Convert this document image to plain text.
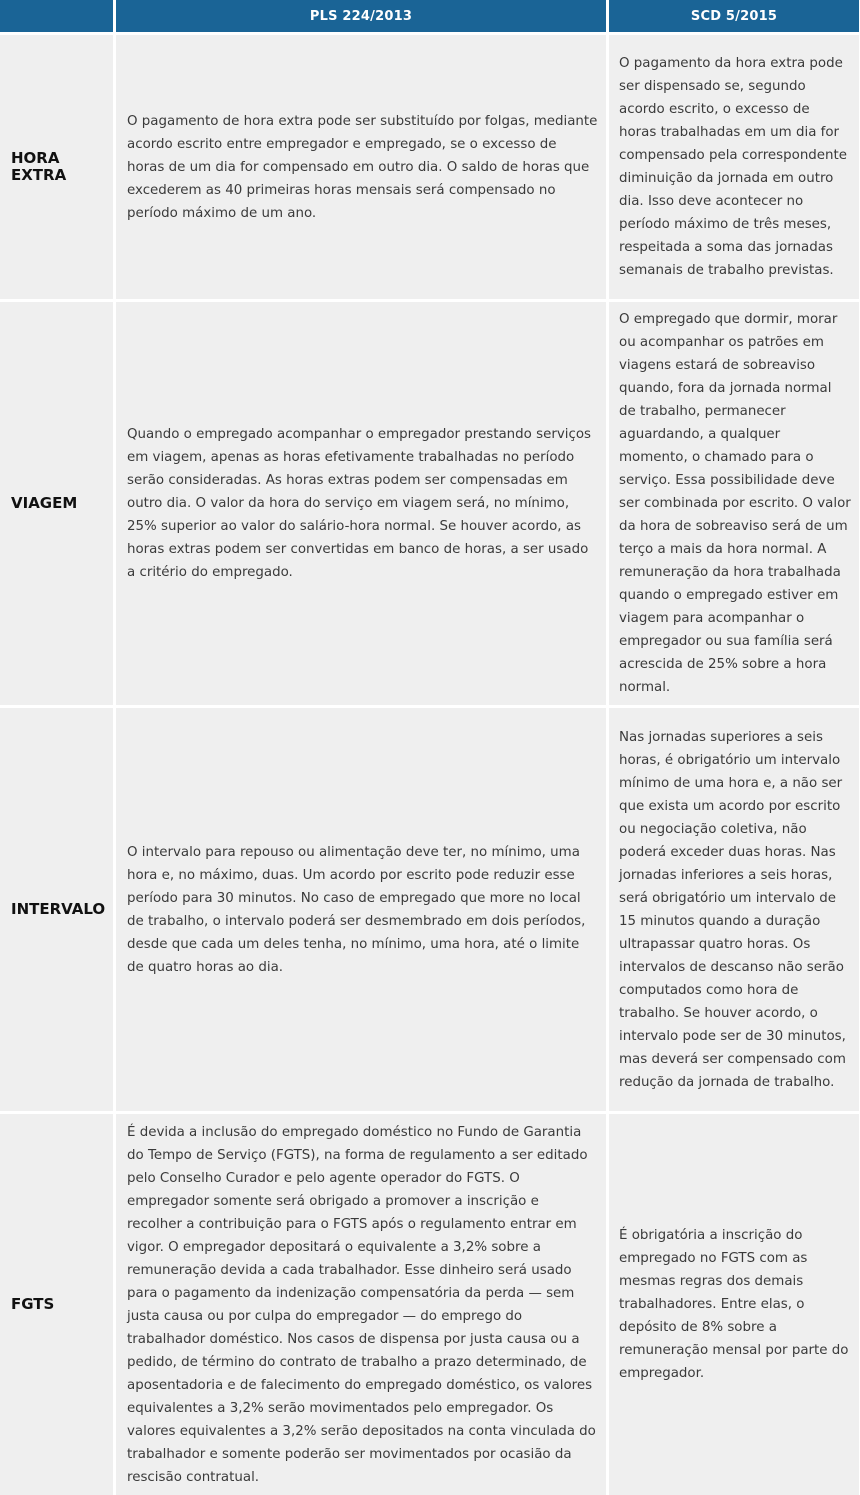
PLS 224/2013	SCD 5/2015
HORA EXTRA
O pagamento de hora extra pode ser substituído por folgas, mediante acordo escrito entre empregador e empregado, se o excesso de horas de um dia for compensado em outro dia. O saldo de horas que excederem as 40 primeiras horas mensais será compensado no período máximo de um ano.
O pagamento da hora extra pode ser dispensado se, segundo acordo escrito, o excesso de horas trabalhadas em um dia for compensado pela correspondente diminuição da jornada em outro dia. Isso deve acontecer no período máximo de três meses, respeitada a soma das jornadas semanais de trabalho previstas.
VIAGEM
Quando o empregado acompanhar o empregador prestando serviços em viagem, apenas as horas efetivamente trabalhadas no período serão consideradas. As horas extras podem ser compensadas em outro dia. O valor da hora do serviço em viagem será, no mínimo, 25% superior ao valor do salário-hora normal. Se houver acordo, as horas extras podem ser convertidas em banco de horas, a ser usado a critério do empregado.
O empregado que dormir, morar ou acompanhar os patrões em viagens estará de sobreaviso quando, fora da jornada normal de trabalho, permanecer aguardando, a qualquer momento, o chamado para o serviço. Essa possibilidade deve ser combinada por escrito. O valor da hora de sobreaviso será de um terço a mais da hora normal. A remuneração da hora trabalhada quando o empregado estiver em viagem para acompanhar o empregador ou sua família será acrescida de 25% sobre a hora normal.
INTERVALO
O intervalo para repouso ou alimentação deve ter, no mínimo, uma hora e, no máximo, duas. Um acordo por escrito pode reduzir esse período para 30 minutos. No caso de empregado que more no local de trabalho, o intervalo poderá ser desmembrado em dois períodos, desde que cada um deles tenha, no mínimo, uma hora, até o limite de quatro horas ao dia.
Nas jornadas superiores a seis horas, é obrigatório um intervalo mínimo de uma hora e, a não ser que exista um acordo por escrito ou negociação coletiva, não poderá exceder duas horas. Nas jornadas inferiores a seis horas, será obrigatório um intervalo de 15 minutos quando a duração ultrapassar quatro horas. Os intervalos de descanso não serão computados como hora de trabalho. Se houver acordo, o intervalo pode ser de 30 minutos, mas deverá ser compensado com redução da jornada de trabalho.
FGTS
É devida a inclusão do empregado doméstico no Fundo de Garantia do Tempo de Serviço (FGTS), na forma de regulamento a ser editado pelo Conselho Curador e pelo agente operador do FGTS. O empregador somente será obrigado a promover a inscrição e recolher a contribuição para o FGTS após o regulamento entrar em vigor. O empregador depositará o equivalente a 3,2% sobre a remuneração devida a cada trabalhador. Esse dinheiro será usado para o pagamento da indenização compensatória da perda — sem justa causa ou por culpa do empregador — do emprego do trabalhador doméstico. Nos casos de dispensa por justa causa ou a pedido, de término do contrato de trabalho a prazo determinado, de aposentadoria e de falecimento do empregado doméstico, os valores equivalentes a 3,2% serão movimentados pelo empregador. Os valores equivalentes a 3,2% serão depositados na conta vinculada do trabalhador e somente poderão ser movimentados por ocasião da rescisão contratual.
É obrigatória a inscrição do empregado no FGTS com as mesmas regras dos demais trabalhadores. Entre elas, o depósito de 8% sobre a remuneração mensal por parte do empregador.
